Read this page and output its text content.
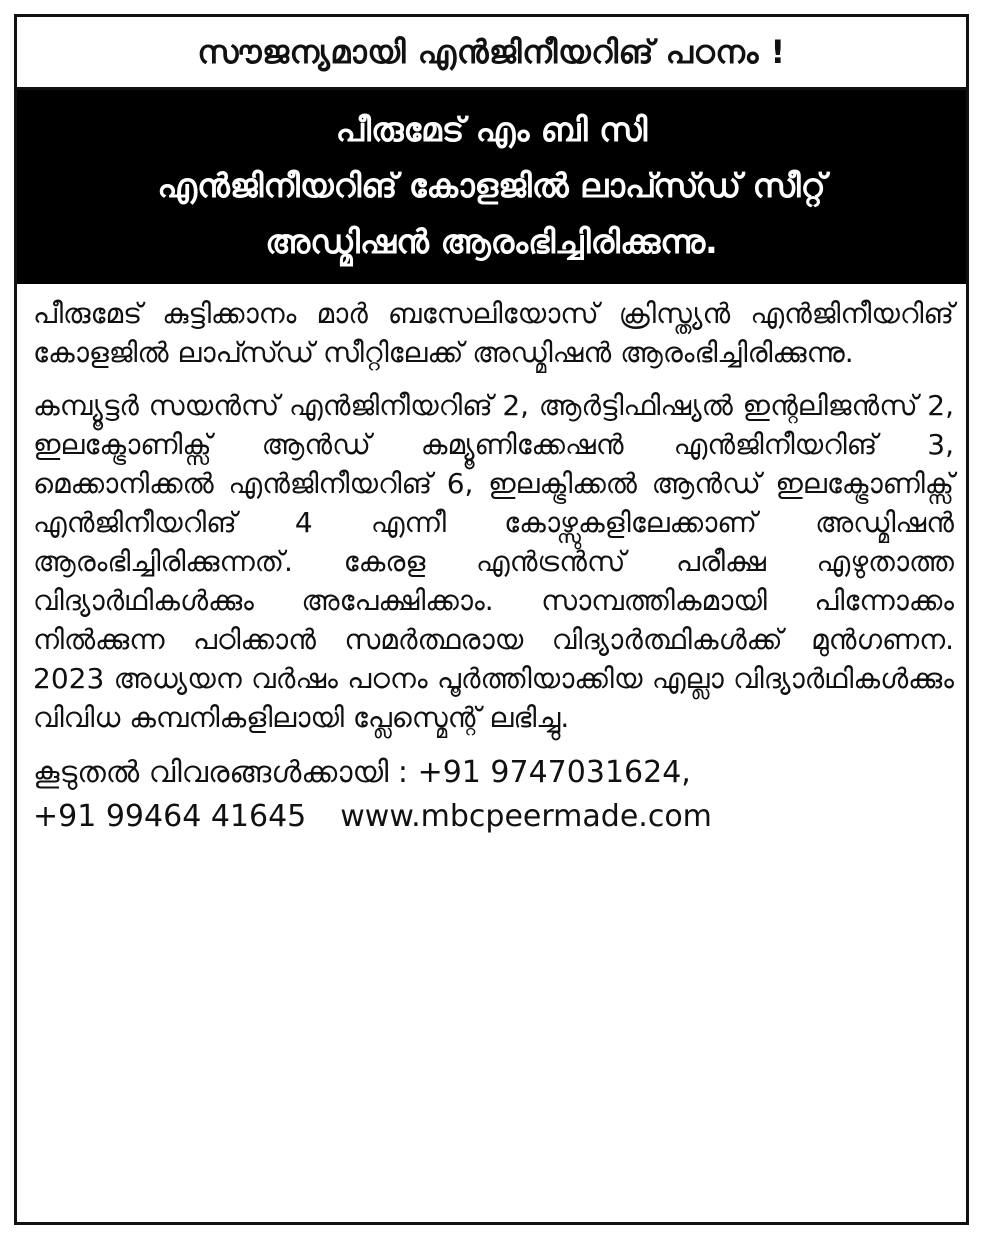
സൗജന്യമായി എൻജിനീയറിങ് പഠനം !
പീരുമേട് എം ബി സി
എൻജിനീയറിങ് കോളജിൽ ലാപ്സ്ഡ് സീറ്റ്
അഡ്മിഷൻ ആരംഭിച്ചിരിക്കുന്നു.

പീരുമേട് കുട്ടിക്കാനം മാർ ബസേലിയോസ് ക്രിസ്ത്യൻ എൻജിനീയറിങ് കോളജിൽ ലാപ്സ്ഡ് സീറ്റിലേക്ക് അഡ്മിഷൻ ആരംഭിച്ചിരിക്കുന്നു.

കമ്പ്യൂട്ടർ സയൻസ് എൻജിനീയറിങ് 2, ആർട്ടിഫിഷ്യൽ ഇന്റലിജൻസ് 2, ഇലക്ട്രോണിക്സ് ആൻഡ് കമ്യൂണിക്കേഷൻ എൻജിനീയറിങ് 3, മെക്കാനിക്കൽ എൻജിനീയറിങ് 6, ഇലക്ട്രിക്കൽ ആൻഡ് ഇലക്ട്രോണിക്സ് എൻജിനീയറിങ് 4 എന്നീ കോഴ്സുകളിലേക്കാണ് അഡ്മിഷൻ ആരംഭിച്ചിരിക്കുന്നത്. കേരള എൻട്രൻസ് പരീക്ഷ എഴുതാത്ത വിദ്യാർഥികൾക്കും അപേക്ഷിക്കാം. സാമ്പത്തികമായി പിന്നോക്കം നിൽക്കുന്ന പഠിക്കാൻ സമർത്ഥരായ വിദ്യാർത്ഥികൾക്ക് മുൻഗണന. 2023 അധ്യയന വർഷം പഠനം പൂർത്തിയാക്കിയ എല്ലാ വിദ്യാർഥികൾക്കും വിവിധ കമ്പനികളിലായി പ്ലേസ്മെന്റ് ലഭിച്ചു.

കൂടുതൽ വിവരങ്ങൾക്കായി : +91 9747031624,
+91 99464 41645 www.mbcpeermade.com
